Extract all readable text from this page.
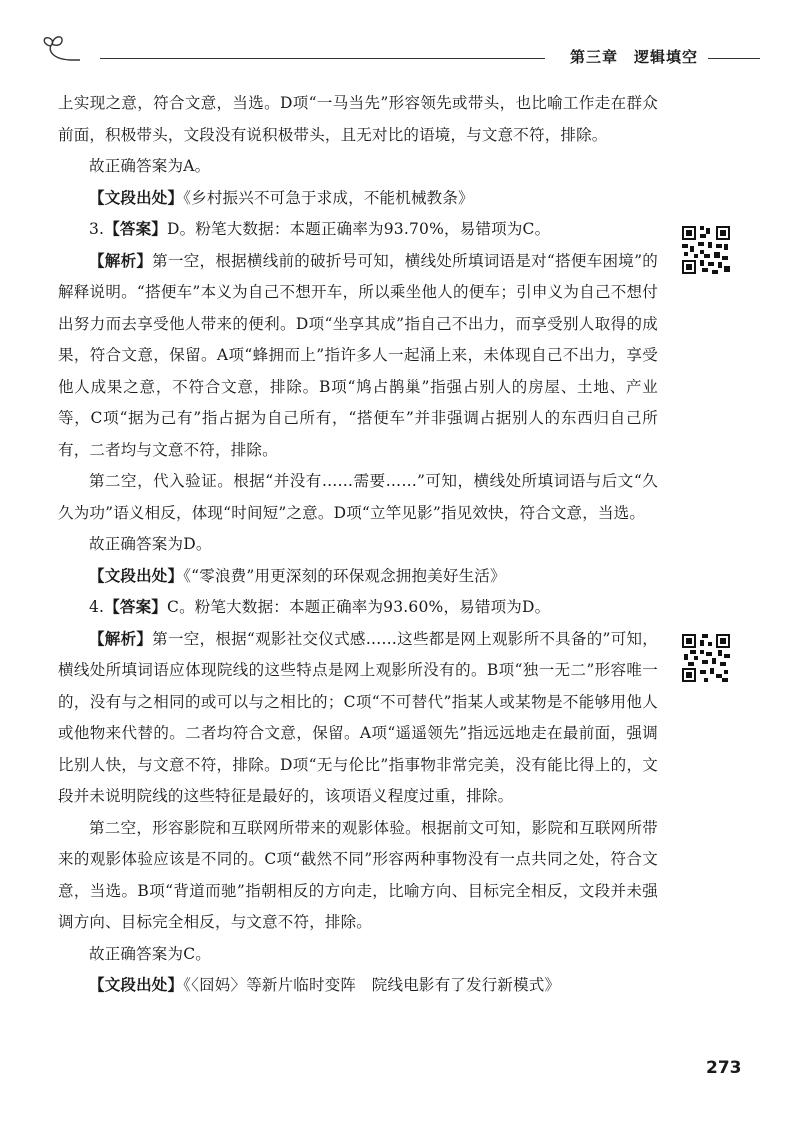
第三章　逻辑填空

上实现之意，符合文意，当选。D项“一马当先”形容领先或带头，也比喻工作走在群众前面，积极带头，文段没有说积极带头，且无对比的语境，与文意不符，排除。

故正确答案为A。

【文段出处】《乡村振兴不可急于求成，不能机械教条》

3.【答案】D。粉笔大数据：本题正确率为93.70%，易错项为C。

【解析】第一空，根据横线前的破折号可知，横线处所填词语是对“搭便车困境”的解释说明。“搭便车”本义为自己不想开车，所以乘坐他人的便车；引申义为自己不想付出努力而去享受他人带来的便利。D项“坐享其成”指自己不出力，而享受别人取得的成果，符合文意，保留。A项“蜂拥而上”指许多人一起涌上来，未体现自己不出力，享受他人成果之意，不符合文意，排除。B项“鸠占鹊巢”指强占别人的房屋、土地、产业等，C项“据为己有”指占据为自己所有，“搭便车”并非强调占据别人的东西归自己所有，二者均与文意不符，排除。

第二空，代入验证。根据“并没有……需要……”可知，横线处所填词语与后文“久久为功”语义相反，体现“时间短”之意。D项“立竿见影”指见效快，符合文意，当选。

故正确答案为D。

【文段出处】《“零浪费”用更深刻的环保观念拥抱美好生活》

4.【答案】C。粉笔大数据：本题正确率为93.60%，易错项为D。

【解析】第一空，根据“观影社交仪式感……这些都是网上观影所不具备的”可知，横线处所填词语应体现院线的这些特点是网上观影所没有的。B项“独一无二”形容唯一的，没有与之相同的或可以与之相比的；C项“不可替代”指某人或某物是不能够用他人或他物来代替的。二者均符合文意，保留。A项“遥遥领先”指远远地走在最前面，强调比别人快，与文意不符，排除。D项“无与伦比”指事物非常完美，没有能比得上的，文段并未说明院线的这些特征是最好的，该项语义程度过重，排除。

第二空，形容影院和互联网所带来的观影体验。根据前文可知，影院和互联网所带来的观影体验应该是不同的。C项“截然不同”形容两种事物没有一点共同之处，符合文意，当选。B项“背道而驰”指朝相反的方向走，比喻方向、目标完全相反，文段并未强调方向、目标完全相反，与文意不符，排除。

故正确答案为C。

【文段出处】《〈囧妈〉等新片临时变阵　院线电影有了发行新模式》

273
